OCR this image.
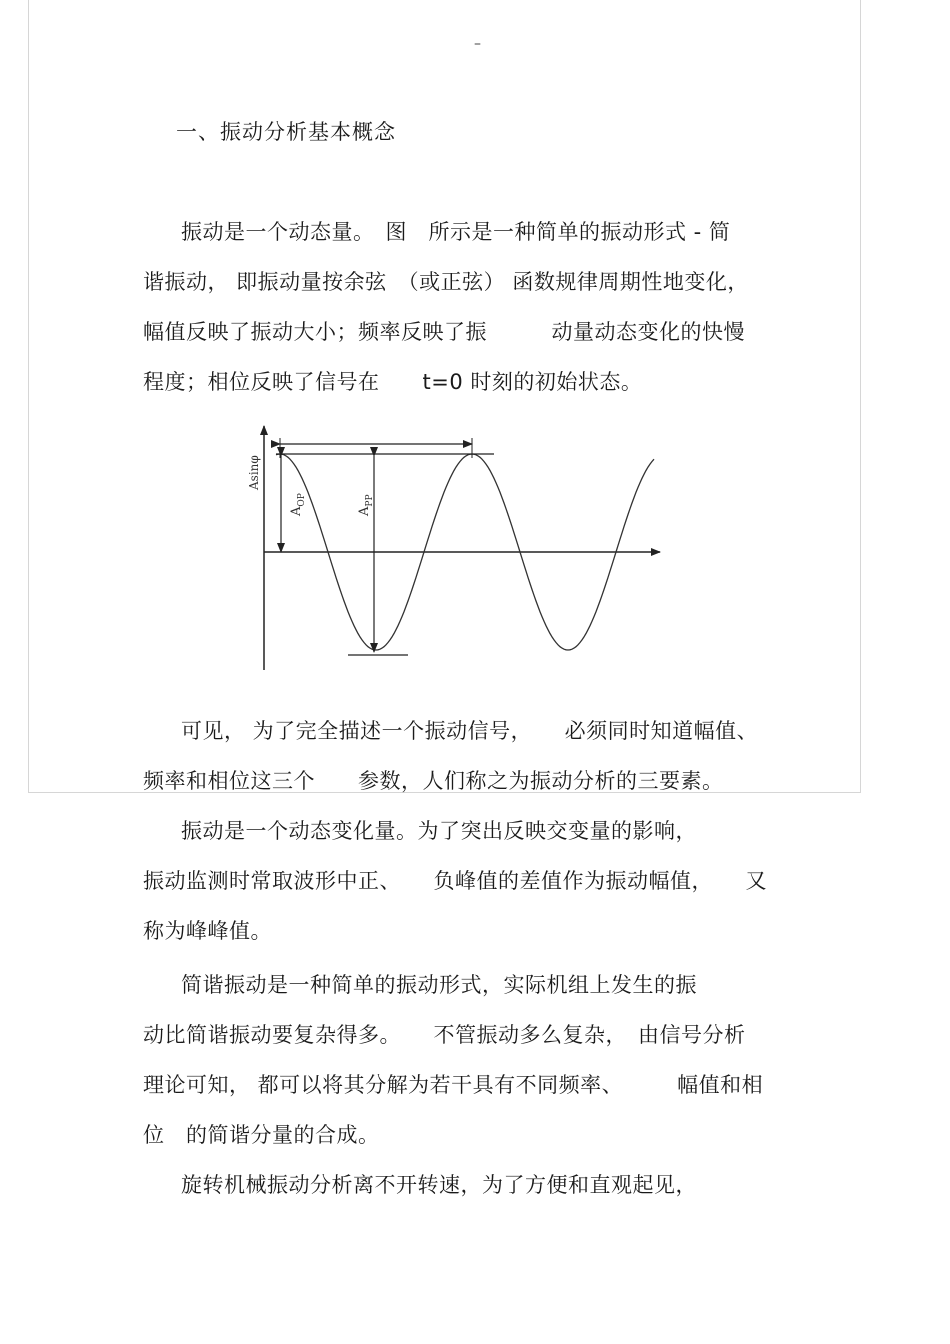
–
一、振动分析基本概念
振动是一个动态量。　图　所示是一种简单的振动形式 - 简
谐振动， 即振动量按余弦　（或正弦） 函数规律周期性地变化，
幅值反映了振动大小；频率反映了振　　　动量动态变化的快慢
程度；相位反映了信号在　　t=0 时刻的初始状态。
Asinφ
$A_{OP}$
$A_{PP}$
可见， 为了完全描述一个振动信号，　　必须同时知道幅值、
频率和相位这三个　　参数，人们称之为振动分析的三要素。
振动是一个动态变化量。为了突出反映交变量的影响，
振动监测时常取波形中正、　　负峰值的差值作为振动幅值，　　又
称为峰峰值。
简谐振动是一种简单的振动形式，实际机组上发生的振
动比简谐振动要复杂得多。　　不管振动多么复杂，　由信号分析
理论可知， 都可以将其分解为若干具有不同频率、　　　幅值和相
位　的简谐分量的合成。
旋转机械振动分析离不开转速，为了方便和直观起见，
